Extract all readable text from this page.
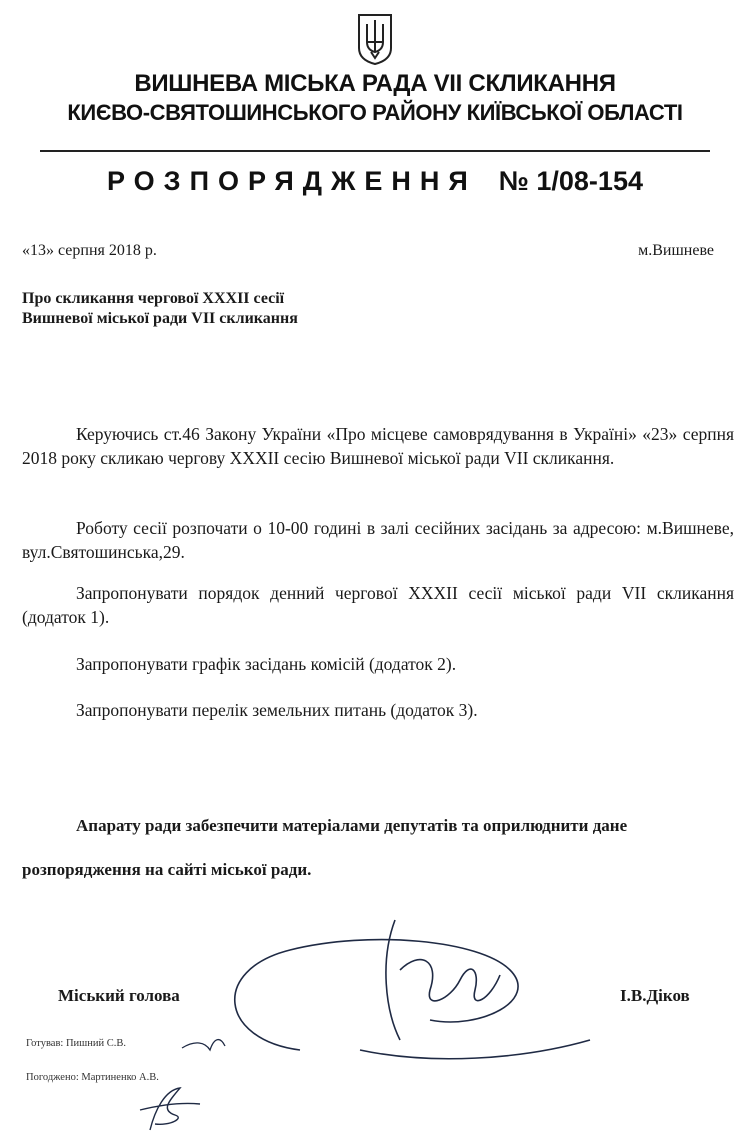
ВИШНЕВА МІСЬКА РАДА VII СКЛИКАННЯ
КИЄВО-СВЯТОШИНСЬКОГО РАЙОНУ КИЇВСЬКОЇ ОБЛАСТІ
РОЗПОРЯДЖЕННЯ № 1/08-154
«13» серпня 2018 р.	м.Вишневе
Про скликання чергової XXXII сесії
Вишневої міської ради VII скликання
Керуючись ст.46 Закону України «Про місцеве самоврядування в Україні» «23» серпня 2018 року скликаю чергову XXXII сесію Вишневої міської ради VII скликання.
Роботу сесії розпочати о 10-00 годині в залі сесійних засідань за адресою: м.Вишневе, вул.Святошинська,29.
Запропонувати порядок денний чергової XXXII сесії міської ради VII скликання (додаток 1).
Запропонувати графік засідань комісій (додаток 2).
Запропонувати перелік земельних питань (додаток 3).
Апарату ради забезпечити матеріалами депутатів та оприлюднити дане
розпорядження на сайті міської ради.
Міський голова	І.В.Діков
Готував: Пишний С.В.
Погоджено: Мартиненко А.В.
